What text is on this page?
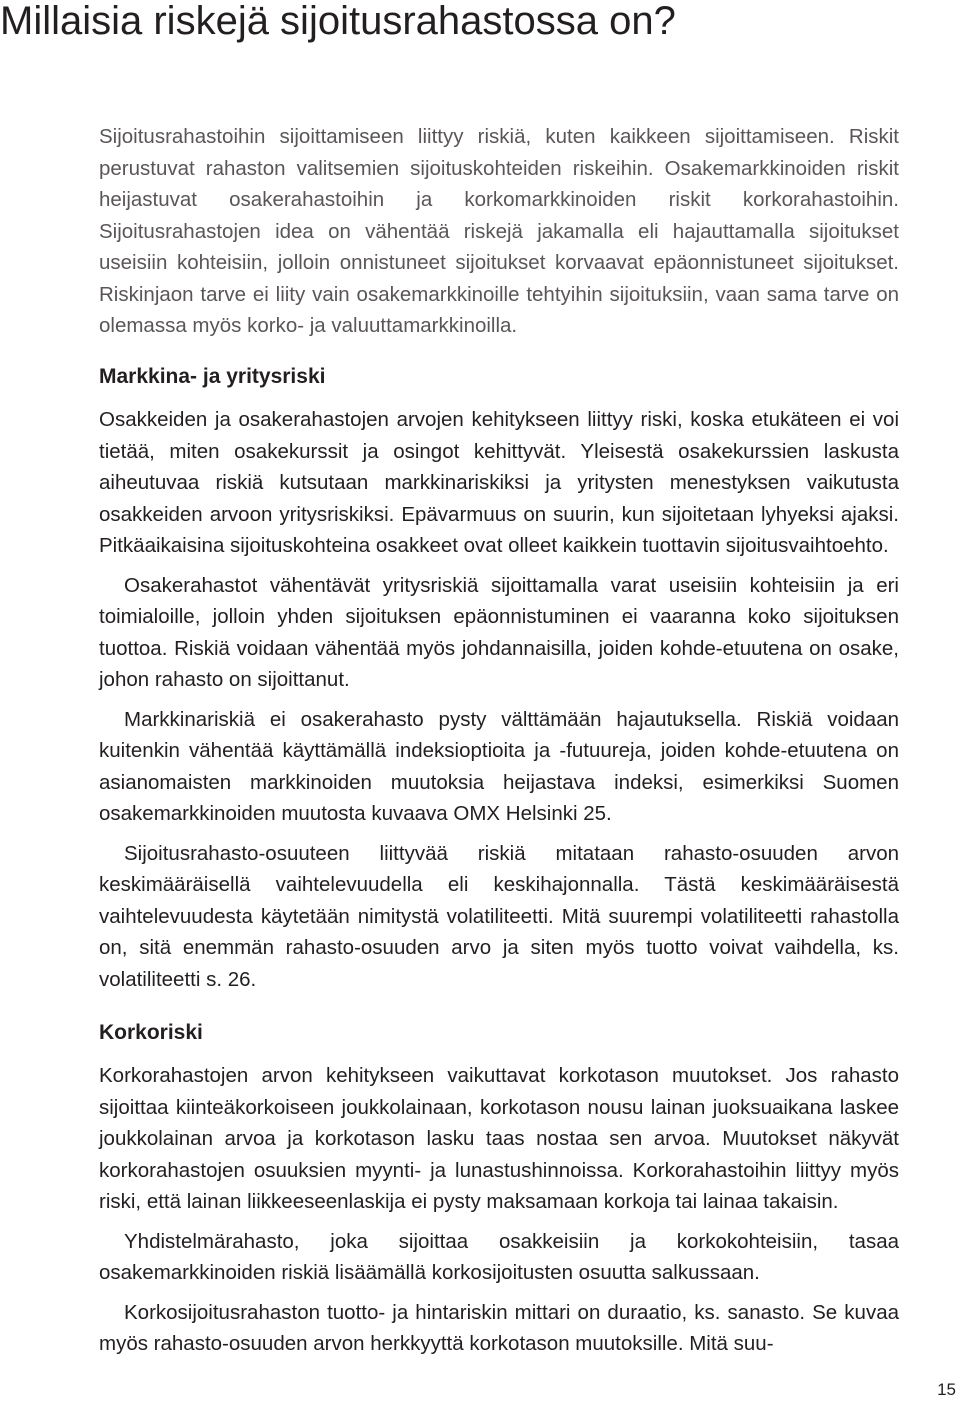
Millaisia riskejä sijoitusrahastossa on?

Sijoitusrahastoihin sijoittamiseen liittyy riskiä, kuten kaikkeen sijoittamiseen. Riskit perustuvat rahaston valitsemien sijoituskohteiden riskeihin. Osakemarkkinoiden riskit heijastuvat osakerahastoihin ja korkomarkkinoiden riskit korkorahastoihin. Sijoitusrahastojen idea on vähentää riskejä jakamalla eli hajauttamalla sijoitukset useisiin kohteisiin, jolloin onnistuneet sijoitukset korvaavat epäonnistuneet sijoitukset. Riskinjaon tarve ei liity vain osakemarkkinoille tehtyihin sijoituksiin, vaan sama tarve on olemassa myös korko- ja valuuttamarkkinoilla.

Markkina- ja yritysriski

Osakkeiden ja osakerahastojen arvojen kehitykseen liittyy riski, koska etukäteen ei voi tietää, miten osakekurssit ja osingot kehittyvät. Yleisestä osakekurssien laskusta aiheutuvaa riskiä kutsutaan markkinariskiksi ja yritysten menestyksen vaikutusta osakkeiden arvoon yritysriskiksi. Epävarmuus on suurin, kun sijoitetaan lyhyeksi ajaksi. Pitkäaikaisina sijoituskohteina osakkeet ovat olleet kaikkein tuottavin sijoitusvaihtoehto.

Osakerahastot vähentävät yritysriskiä sijoittamalla varat useisiin kohteisiin ja eri toimialoille, jolloin yhden sijoituksen epäonnistuminen ei vaaranna koko sijoituksen tuottoa. Riskiä voidaan vähentää myös johdannaisilla, joiden kohde-etuutena on osake, johon rahasto on sijoittanut.

Markkinariskiä ei osakerahasto pysty välttämään hajautuksella. Riskiä voidaan kuitenkin vähentää käyttämällä indeksioptioita ja -futuureja, joiden kohde-etuutena on asianomaisten markkinoiden muutoksia heijastava indeksi, esimerkiksi Suomen osakemarkkinoiden muutosta kuvaava OMX Helsinki 25.

Sijoitusrahasto-osuuteen liittyvää riskiä mitataan rahasto-osuuden arvon keskimääräisellä vaihtelevuudella eli keskihajonnalla. Tästä keskimääräisestä vaihtelevuudesta käytetään nimitystä volatiliteetti. Mitä suurempi volatiliteetti rahastolla on, sitä enemmän rahasto-osuuden arvo ja siten myös tuotto voivat vaihdella, ks. volatiliteetti s. 26.

Korkoriski

Korkorahastojen arvon kehitykseen vaikuttavat korkotason muutokset. Jos rahasto sijoittaa kiinteäkorkoiseen joukkolainaan, korkotason nousu lainan juoksuaikana laskee joukkolainan arvoa ja korkotason lasku taas nostaa sen arvoa. Muutokset näkyvät korkorahastojen osuuksien myynti- ja lunastushinnoissa. Korkorahastoihin liittyy myös riski, että lainan liikkeeseenlaskija ei pysty maksamaan korkoja tai lainaa takaisin.

Yhdistelmärahasto, joka sijoittaa osakkeisiin ja korkokohteisiin, tasaa osakemarkkinoiden riskiä lisäämällä korkosijoitusten osuutta salkussaan.

Korkosijoitusrahaston tuotto- ja hintariskin mittari on duraatio, ks. sanasto. Se kuvaa myös rahasto-osuuden arvon herkkyyttä korkotason muutoksille. Mitä suu-

15
